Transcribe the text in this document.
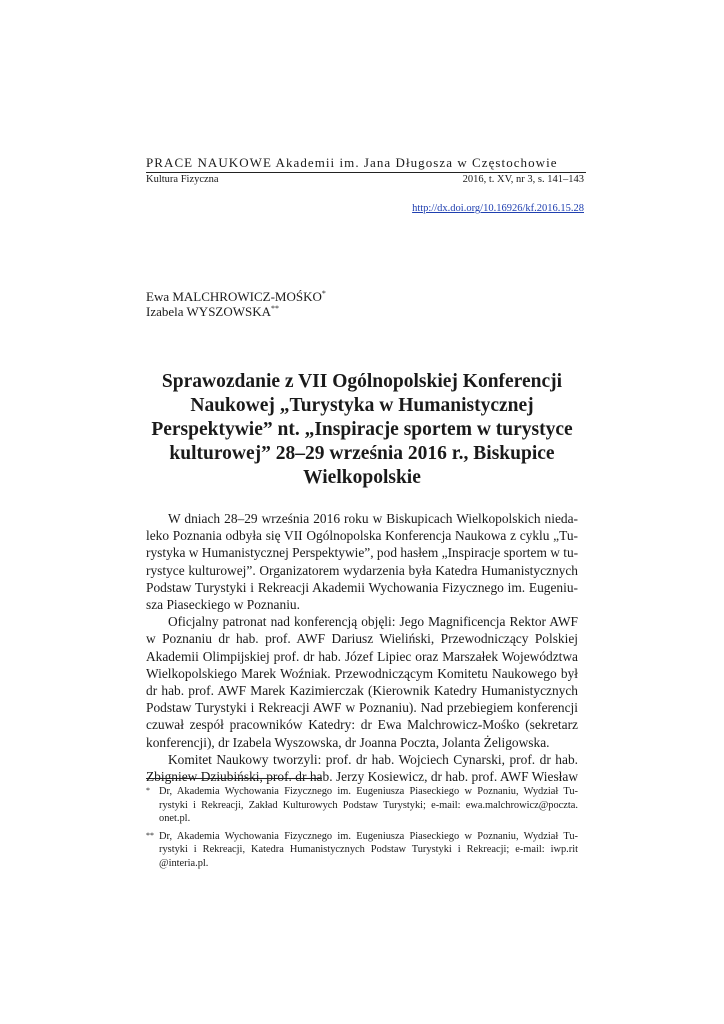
PRACE NAUKOWE Akademii im. Jana Długosza w Częstochowie
Kultura Fizyczna	2016, t. XV, nr 3, s. 141–143
http://dx.doi.org/10.16926/kf.2016.15.28
Ewa MALCHROWICZ-MOŚKO*
Izabela WYSZOWSKA**
Sprawozdanie z VII Ogólnopolskiej Konferencji
Naukowej „Turystyka w Humanistycznej
Perspektywie” nt. „Inspiracje sportem w turystyce
kulturowej” 28–29 września 2016 r., Biskupice
Wielkopolskie
W dniach 28–29 września 2016 roku w Biskupicach Wielkopolskich nieda-
leko Poznania odbyła się VII Ogólnopolska Konferencja Naukowa z cyklu „Tu-
rystyka w Humanistycznej Perspektywie”, pod hasłem „Inspiracje sportem w tu-
rystyce kulturowej”. Organizatorem wydarzenia była Katedra Humanistycznych
Podstaw Turystyki i Rekreacji Akademii Wychowania Fizycznego im. Eugeniu-
sza Piaseckiego w Poznaniu.
Oficjalny patronat nad konferencją objęli: Jego Magnificencja Rektor AWF
w Poznaniu dr hab. prof. AWF Dariusz Wieliński, Przewodniczący Polskiej
Akademii Olimpijskiej prof. dr hab. Józef Lipiec oraz Marszałek Województwa
Wielkopolskiego Marek Woźniak. Przewodniczącym Komitetu Naukowego był
dr hab. prof. AWF Marek Kazimierczak (Kierownik Katedry Humanistycznych
Podstaw Turystyki i Rekreacji AWF w Poznaniu). Nad przebiegiem konferencji
czuwał zespół pracowników Katedry: dr Ewa Malchrowicz-Mośko (sekretarz
konferencji), dr Izabela Wyszowska, dr Joanna Poczta, Jolanta Żeligowska.
Komitet Naukowy tworzyli: prof. dr hab. Wojciech Cynarski, prof. dr hab.
Zbigniew Dziubiński, prof. dr hab. Jerzy Kosiewicz, dr hab. prof. AWF Wiesław
* Dr, Akademia Wychowania Fizycznego im. Eugeniusza Piaseckiego w Poznaniu, Wydział Tu-
rystyki i Rekreacji, Zakład Kulturowych Podstaw Turystyki; e-mail: ewa.malchrowicz@poczta.
onet.pl.
** Dr, Akademia Wychowania Fizycznego im. Eugeniusza Piaseckiego w Poznaniu, Wydział Tu-
rystyki i Rekreacji, Katedra Humanistycznych Podstaw Turystyki i Rekreacji; e-mail: iwp.rit
@interia.pl.
